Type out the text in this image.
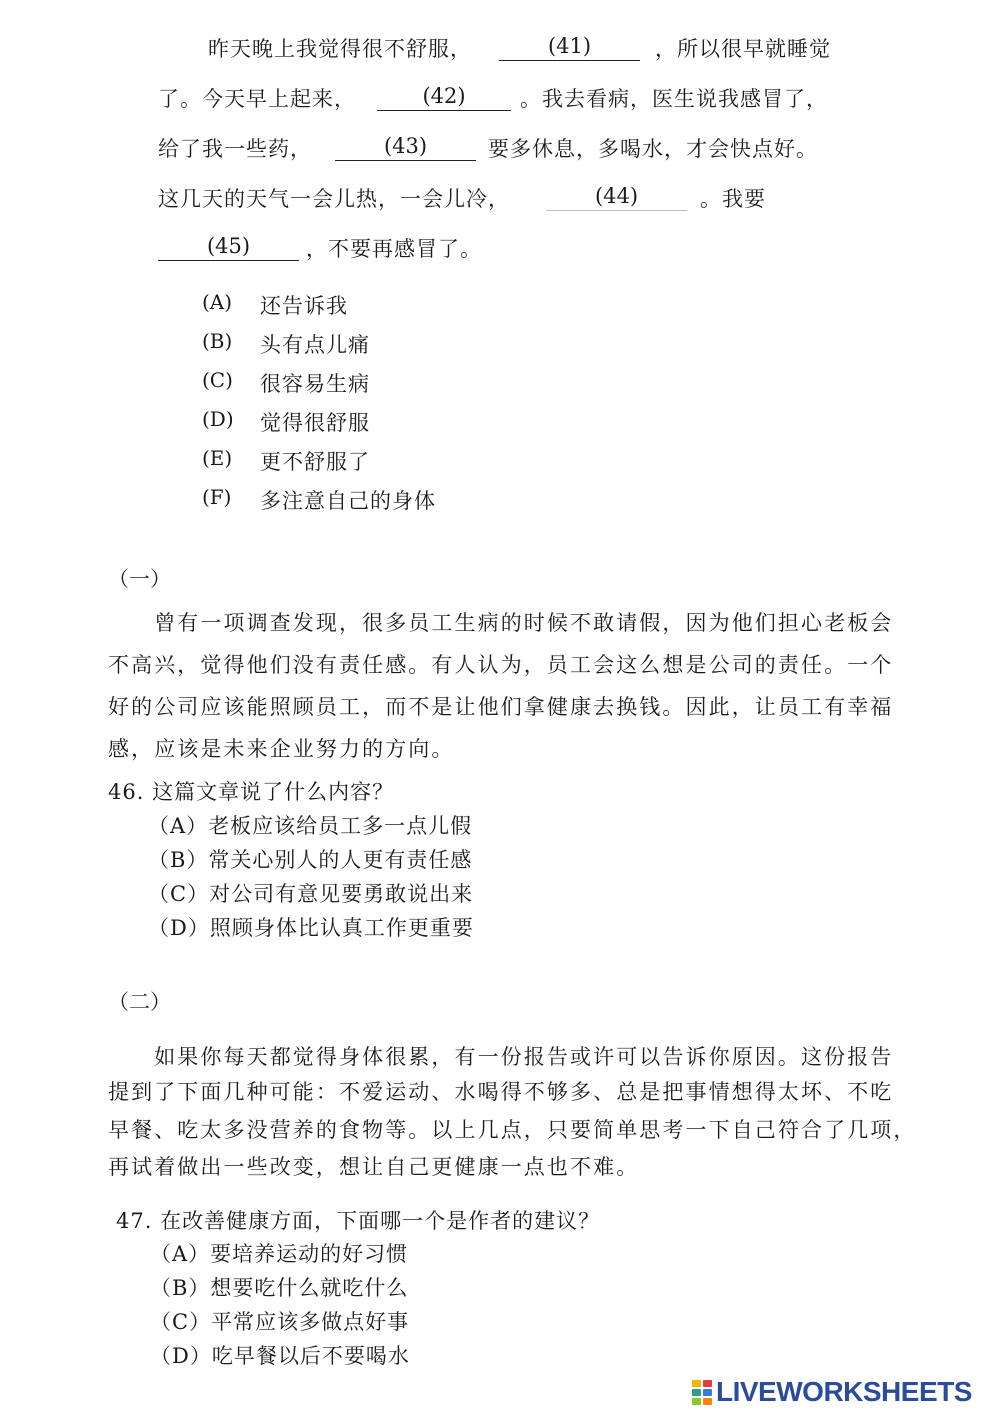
昨天晚上我觉得很不舒服，	(41)	，所以很早就睡觉
了。今天早上起来，	(42)	。我去看病，医生说我感冒了，
给了我一些药，	(43)	要多休息，多喝水，才会快点好。
这几天的天气一会儿热，一会儿冷，	(44)	。我要
(45)	，不要再感冒了。
(A) 还告诉我
(B) 头有点儿痛
(C) 很容易生病
(D) 觉得很舒服
(E) 更不舒服了
(F) 多注意自己的身体
（一）
　　曾有一项调查发现，很多员工生病的时候不敢请假，因为他们担心老板会
不高兴，觉得他们没有责任感。有人认为，员工会这么想是公司的责任。一个
好的公司应该能照顾员工，而不是让他们拿健康去换钱。因此，让员工有幸福
感，应该是未来企业努力的方向。
46. 这篇文章说了什么内容？
（A）老板应该给员工多一点儿假
（B）常关心别人的人更有责任感
（C）对公司有意见要勇敢说出来
（D）照顾身体比认真工作更重要
（二）
　　如果你每天都觉得身体很累，有一份报告或许可以告诉你原因。这份报告
提到了下面几种可能：不爱运动、水喝得不够多、总是把事情想得太坏、不吃
早餐、吃太多没营养的食物等。以上几点，只要简单思考一下自己符合了几项，
再试着做出一些改变，想让自己更健康一点也不难。
47. 在改善健康方面，下面哪一个是作者的建议？
（A）要培养运动的好习惯
（B）想要吃什么就吃什么
（C）平常应该多做点好事
（D）吃早餐以后不要喝水
LIVEWORKSHEETS
